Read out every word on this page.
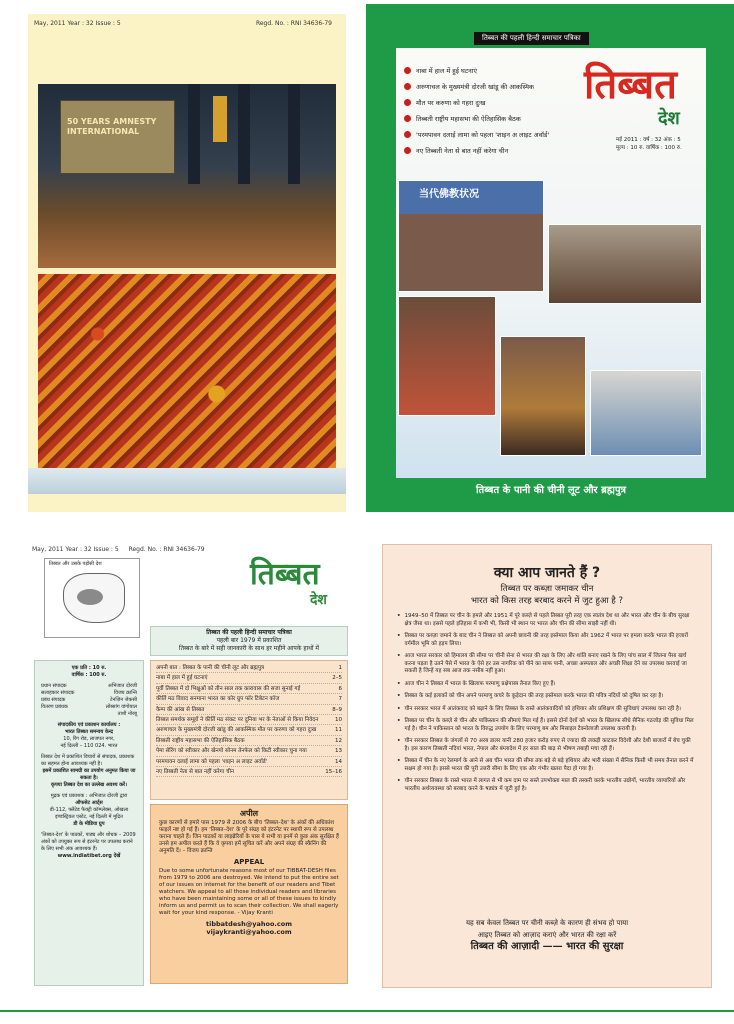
May, 2011 Year : 32 Issue : 5	Regd. No. : RNI 34636-79
50 YEARS AMNESTY INTERNATIONAL
तिब्बत की पहली हिन्दी समाचार पत्रिका
नाबा में हाल में हुई घटनाएं
अरुणाचल के मुख्यमंत्री दोरजी खांडू की आकस्मिक
मौत पर करुणा को गहरा दुःख
तिब्बती राष्ट्रीय महासभा की ऐतिहासिक बैठक
'परमपावन दलाई लामा को पहला 'शाइन अ लाइट अवॉर्ड'
नए तिब्बती नेता से बात नहीं करेगा चीन
तिब्बत
देश
मई 2011 : वर्ष : 32 अंक : 5
मूल्य : 10 रु. वार्षिक : 100 रु.
当代佛教状况
तिब्बत के पानी की चीनी लूट और ब्रह्मपुत्र
May, 2011 Year : 32 Issue : 5 Regd. No. : RNI 34636-79
तिब्बत और उसके पड़ोसी देश	तिब्बत
देश
तिब्बत की पहली हिन्दी समाचार पत्रिका
पहली बार 1979 में प्रकाशित
तिब्बत के बारे में सही जानकारी के साथ हर महीने आपके हाथों में
एक प्रति : 10 रु.
वार्षिक : 100 रु.
प्रधान संपादक	अभिजात दोरजी
सलाहकार संपादक	विजय क्रान्ति
प्रबंध संपादक	टेनज़िन जेकसी
वितरण प्रबंधक	लोब्सांग वांगोयाल
ताशी नोरबू
संपादकीय एवं प्रकाशन कार्यालय :
भारत तिब्बत समन्वय केन्द्र
10, रिंग रोड, लाजपत नगर,
नई दिल्ली – 110 024. भारत
तिब्बत देश में प्रकाशित विचारों से संपादक, प्रकाशक का सहमत होना आवश्यक नहीं है।
इसमें प्रकाशित सामग्री का उपयोग अनुमत किया जा सकता है।
कृपया तिब्बत देश का उल्लेख अवश्य करें।
मुद्रक एवं प्रकाशक : अभिजात दोरजी द्वारा
ऑफसेट आर्ट्स
डी-112, फ्लैटेड फैक्ट्री कॉम्प्लेक्स, ओखला इण्डस्ट्रियल एस्टेट, नई दिल्ली में मुद्रित
डी के मीडिया ग्रुप
'तिब्बत-देश' के पाठकों, पाठ्य और शोधक – 2009 अंकों को उपयुक्त रूप से इंटरनेट पर उपलब्ध कराने के लिए सभी अंक आवश्यक हैं।
www.indiatibet.org देखें
अपनी बात : तिब्बत के पानी की चीनी लूट और ब्रह्मपुत्र	1
नाबा में हाल में हुई घटनाएं	2–5
पूर्वी तिब्बत में दो भिक्षुओं को तीन साल तक कारावास की सजा सुनाई गई	6
कीर्ति मठ विवाद सनमाना भारत का कोर ग्रुप फॉर टिबेटन कॉज	7
कैम्प की आंख से तिब्बत	8–9
तिब्बत समर्थक समूहों ने कीर्ति मठ संकट पर दुनिया भर के नेताओं से किया निवेदन	10
अरुणाचल के मुख्यमंत्री दोरजी खांडू की आकस्मिक मौत पर करुणा को गहरा दुःख	11
तिब्बती राष्ट्रीय महासभा की ऐतिहासिक बैठक	12
पेमा सेरिंग को स्वीकार और खेनपो सोनम तेनफेल को किटी स्वीकार चुना गया	13
परमपावन दलाई लामा को पहला 'शाइन अ लाइट अवॉर्ड'	14
नए तिब्बती नेता से बात नहीं करेगा चीन	15–16
अपील

कुछ कारणों से हमारे पास 1979 से 2006 के बीच 'तिब्बत–देश' के अंकों की अधिकांश फाइलें नष्ट हो गई हैं। हम 'तिब्बत–देश' के पूरे संग्रह को इंटरनेट पर स्थायी रूप से उपलब्ध कराना चाहते हैं। जिन पाठकों या लाइब्रेरियों के पास ये सभी या इनमें से कुछ अंक सुरक्षित हैं उनसे हम अपील करते हैं कि वे कृपया हमें सूचित करें और अपने संग्रह की स्कैनिंग की अनुमति दें। – विजय क्रान्ति

APPEAL

Due to some unfortunate reasons most of our TIBBAT-DESH files from 1979 to 2006 are destroyed. We intend to put the entire set of our issues on internet for the benefit of our readers and Tibet watchers. We appeal to all those individual readers and libraries who have been maintaining some or all of these issues to kindly inform us and permit us to scan their collection. We shall eagerly wait for your kind response. - Vijay Kranti

tibbatdesh@yahoo.com
vijaykranti@yahoo.com
क्या आप जानते हैं ?
तिब्बत पर कब्ज़ा जमाकर चीन
भारत को किस तरह बरबाद करने में जुट हुआ है ?
• 1949–50 में तिब्बत पर चीन के हमले और 1951 में पूरे कब्ज़े से पहले तिब्बत पूरी तरह एक स्वतंत्र देश था और भारत और चीन के बीच सुरक्षा क्षेत्र जैसा था। इससे पहले इतिहास में कभी भी, किसी भी स्थान पर भारत और चीन की सीमा साझी नहीं थी।
• तिब्बत पर कब्ज़ा जमाने के बाद चीन ने तिब्बत को अपनी छावनी की तरह इस्तेमाल किया और 1962 में भारत पर हमला करके भारत की हजारों वर्गमील भूमि को हड़प लिया।
• आज भारत सरकार को हिमालय की सीमा पर चीनी सेना से भारत की रक्षा के लिए और शांति बनाए रखने के लिए पांच साल में जितना पैसा खर्च करना पड़ता है उतने पैसे में भारत के ऐसे हर उस नागरिक को पीने का साफ पानी, अच्छा अस्पताल और अच्छी शिक्षा देने का उपलब्ध करवाई जा सकती है जिन्हें यह सब आज तक नसीब नहीं हुआ।
• आज चीन ने तिब्बत में भारत के खिलाफ परमाणु प्रक्षेपास्त्र तैनात किए हुए हैं।
• तिब्बत के कई इलाकों को चीन अपने परमाणु कचरे के कूड़ेदान की तरह इस्तेमाल करके भारत की पवित्र नदियों को दूषित कर रहा है।
• चीन सरकार भारत में आतंकवाद को बढ़ाने के लिए तिब्बत के रास्ते आतंकवादियों को हथियार और प्रशिक्षण की सुविधाएं उपलब्ध करा रही है।
• तिब्बत पर चीन के कब्ज़े से चीन और पाकिस्तान की सीमाएं मिल गई हैं। इससे दोनों देशों को भारत के खिलाफ सीधे सैनिक गठजोड़ की सुविधा मिल गई है। चीन ने पाकिस्तान को भारत के विरुद्ध उपयोग के लिए परमाणु बम और मिसाइल टैक्नोलाजी उपलब्ध करायी है।
• चीन सरकार तिब्बत के जंगलों से 70 अरब डालर यानी 280 हजार करोड़ रुपए से ज्यादा की लकड़ी काटकर विदेशी और देशी बाजारों में बेच चुकी है। इस कारण तिब्बती नदियां भारत, नेपाल और बंग्लादेश में हर साल की बाढ़ से भीषण तबाही मचा रही हैं।
• तिब्बत में चीन के नए रेलमार्ग के आने से अब चीन भारत की सीमा तक बड़े से बड़े हथियार और भारी संख्या में सैनिक किसी भी समय तैनात करने में सक्षम हो गया है। इससे भारत की पूरी उत्तरी सीमा के लिए एक और गंभीर खतरा पैदा हो गया है।
• चीन सरकार तिब्बत के रास्ते भारत में लागत से भी कम दाम पर सस्ते उपभोक्ता माल की तस्करी करके भारतीय उद्योगों, भारतीय व्यापारियों और भारतीय अर्थव्यवस्था को बरबाद करने के षड्यंत्र में जुटी हुई है।
यह सब केवल तिब्बत पर चीनी कब्ज़े के कारण ही संभव हो पाया
आइए तिब्बत को आज़ाद कराएं और भारत की रक्षा करें
तिब्बत की आज़ादी —— भारत की सुरक्षा
